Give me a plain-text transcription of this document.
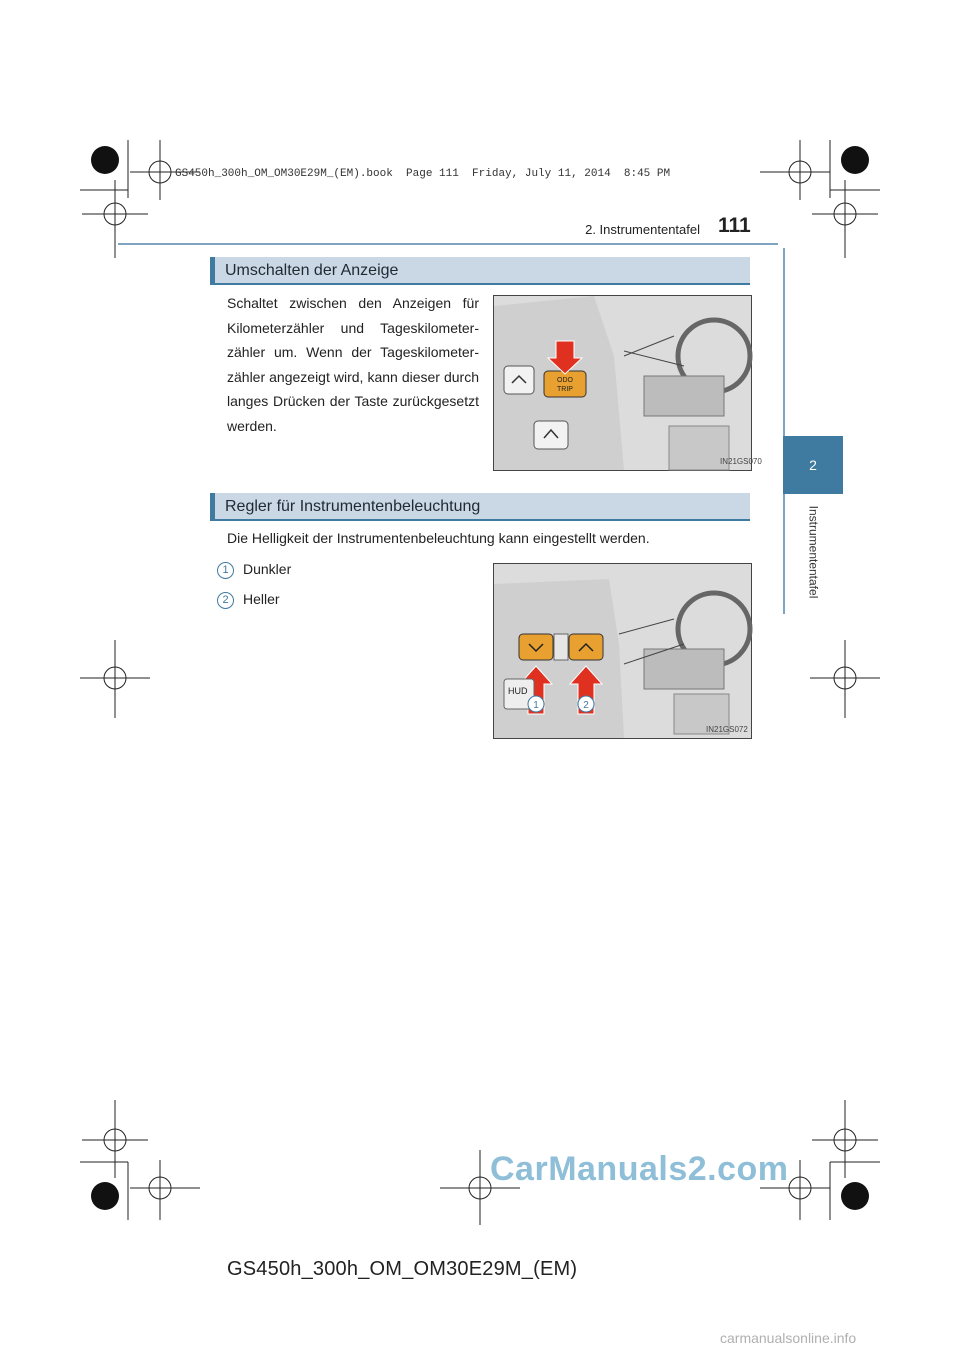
GS450h_300h_OM_OM30E29M_(EM).book  Page 111  Friday, July 11, 2014  8:45 PM
2. Instrumententafel 111
2
Instrumententafel
Umschalten der Anzeige
Schaltet zwischen den Anzeigen für Kilometerzähler und Tageskilometer-zähler um. Wenn der Tageskilometer-zähler angezeigt wird, kann dieser durch langes Drücken der Taste zurückgesetzt werden.
ODO
TRIP
IN21GS070
Regler für Instrumentenbeleuchtung
Die Helligkeit der Instrumentenbeleuchtung kann eingestellt werden.
1 Dunkler
2 Heller
HUD
1	2
IN21GS072
CarManuals2.com
GS450h_300h_OM_OM30E29M_(EM)
carmanualsonline.info
